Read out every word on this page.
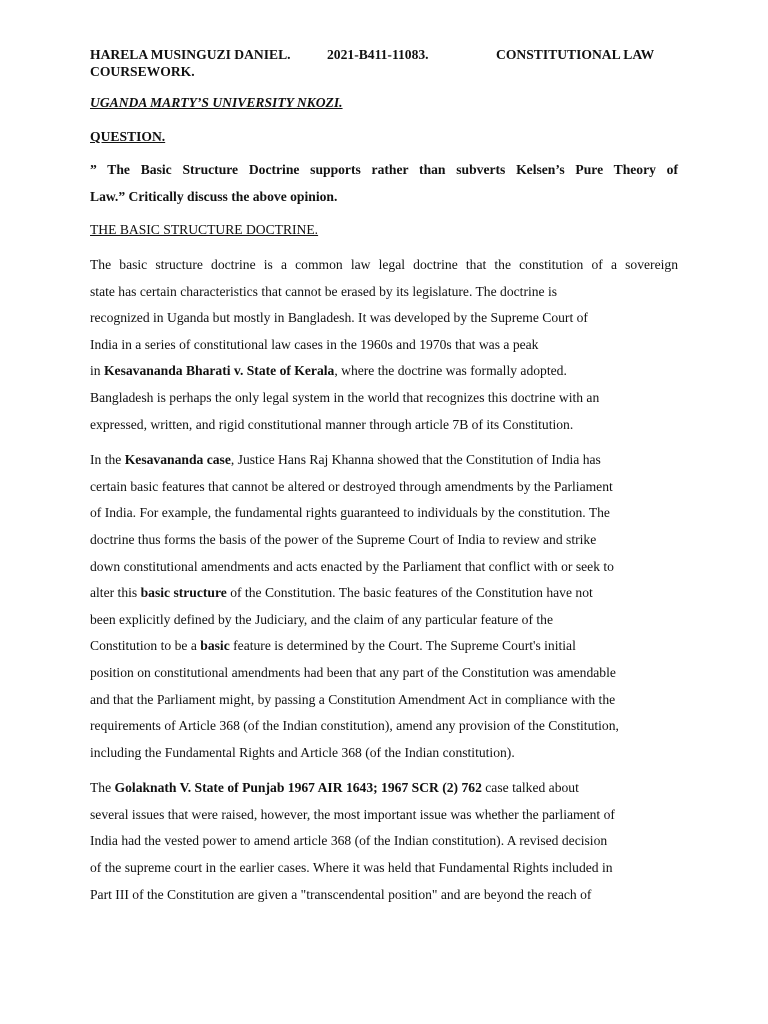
HARELA MUSINGUZI DANIEL.	2021-B411-11083.	CONSTITUTIONAL LAW
COURSEWORK.
UGANDA MARTY’S UNIVERSITY NKOZI.
QUESTION.
” The Basic Structure Doctrine supports rather than subverts Kelsen’s Pure Theory of
Law.” Critically discuss the above opinion.
THE BASIC STRUCTURE DOCTRINE.
The basic structure doctrine is a common law legal doctrine that the constitution of a sovereign
state has certain characteristics that cannot be erased by its legislature. The doctrine is
recognized in Uganda but mostly in Bangladesh. It was developed by the Supreme Court of
India in a series of constitutional law cases in the 1960s and 1970s that was a peak
in Kesavananda Bharati v. State of Kerala, where the doctrine was formally adopted.
Bangladesh is perhaps the only legal system in the world that recognizes this doctrine with an
expressed, written, and rigid constitutional manner through article 7B of its Constitution.
In the Kesavananda case, Justice Hans Raj Khanna showed that the Constitution of India has
certain basic features that cannot be altered or destroyed through amendments by the Parliament
of India. For example, the fundamental rights guaranteed to individuals by the constitution. The
doctrine thus forms the basis of the power of the Supreme Court of India to review and strike
down constitutional amendments and acts enacted by the Parliament that conflict with or seek to
alter this basic structure of the Constitution. The basic features of the Constitution have not
been explicitly defined by the Judiciary, and the claim of any particular feature of the
Constitution to be a basic feature is determined by the Court. The Supreme Court's initial
position on constitutional amendments had been that any part of the Constitution was amendable
and that the Parliament might, by passing a Constitution Amendment Act in compliance with the
requirements of Article 368 (of the Indian constitution), amend any provision of the Constitution,
including the Fundamental Rights and Article 368 (of the Indian constitution).
The Golaknath V. State of Punjab 1967 AIR 1643; 1967 SCR (2) 762 case talked about
several issues that were raised, however, the most important issue was whether the parliament of
India had the vested power to amend article 368 (of the Indian constitution). A revised decision
of the supreme court in the earlier cases. Where it was held that Fundamental Rights included in
Part III of the Constitution are given a "transcendental position" and are beyond the reach of
